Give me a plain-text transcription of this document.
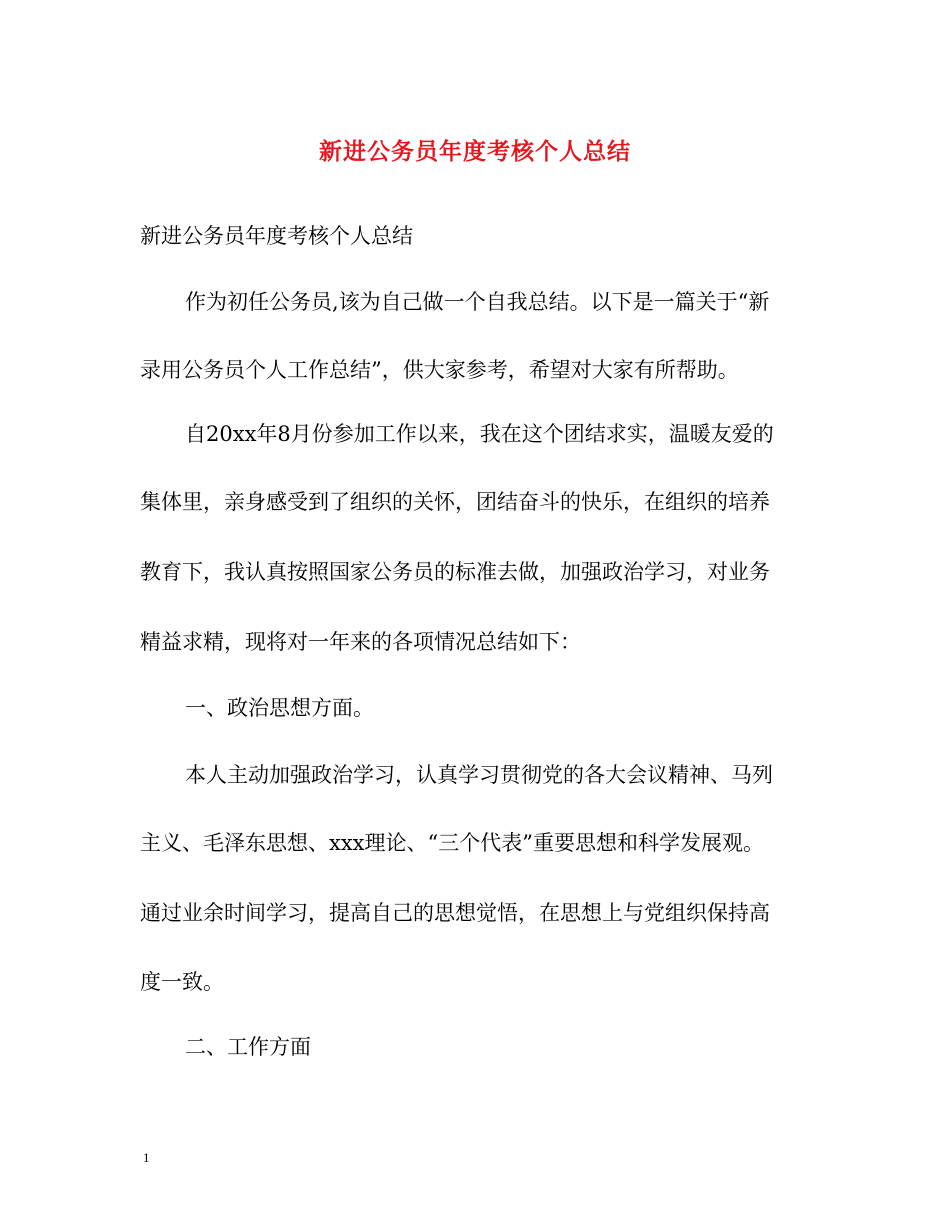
新进公务员年度考核个人总结
新进公务员年度考核个人总结
作为初任公务员,该为自己做一个自我总结。以下是一篇关于“新
录用公务员个人工作总结”，供大家参考，希望对大家有所帮助。
自20xx年8月份参加工作以来，我在这个团结求实，温暖友爱的
集体里，亲身感受到了组织的关怀，团结奋斗的快乐，在组织的培养
教育下，我认真按照国家公务员的标准去做，加强政治学习，对业务
精益求精，现将对一年来的各项情况总结如下：
一、政治思想方面。
本人主动加强政治学习，认真学习贯彻党的各大会议精神、马列
主义、毛泽东思想、xxx理论、“三个代表”重要思想和科学发展观。
通过业余时间学习，提高自己的思想觉悟，在思想上与党组织保持高
度一致。
二、工作方面
1
